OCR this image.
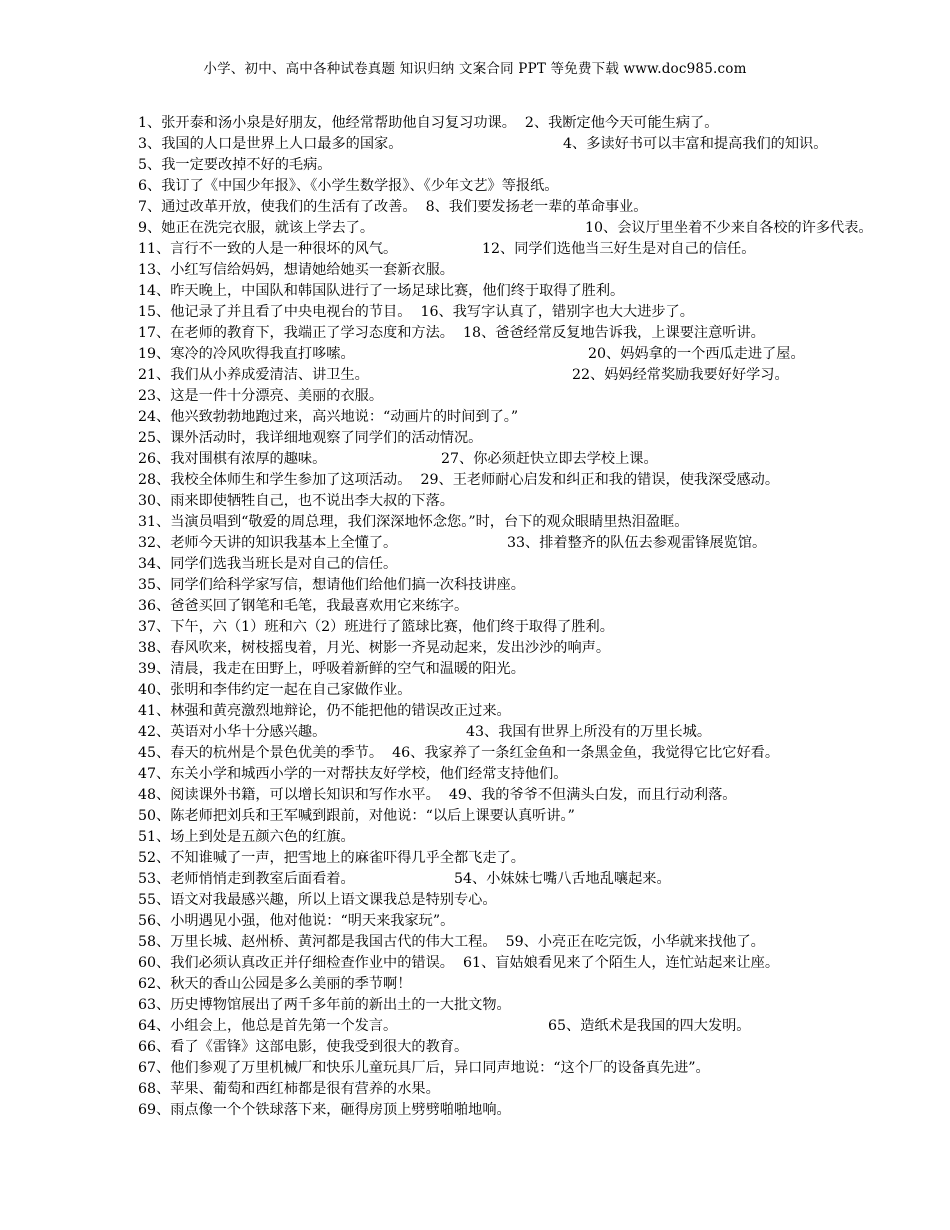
小学、初中、高中各种试卷真题 知识归纳 文案合同 PPT 等免费下载 www.doc985.com
1、张开泰和汤小泉是好朋友，他经常帮助他自习复习功课。  2、我断定他今天可能生病了。
3、我国的人口是世界上人口最多的国家。	4、多读好书可以丰富和提高我们的知识。
5、我一定要改掉不好的毛病。
6、我订了《中国少年报》、《小学生数学报》、《少年文艺》等报纸。
7、通过改革开放，使我们的生活有了改善。  8、我们要发扬老一辈的革命事业。
9、她正在洗完衣服，就该上学去了。	10、会议厅里坐着不少来自各校的许多代表。
11、言行不一致的人是一种很坏的风气。	12、同学们选他当三好生是对自己的信任。
13、小红写信给妈妈，想请她给她买一套新衣服。
14、昨天晚上，中国队和韩国队进行了一场足球比赛，他们终于取得了胜利。
15、他记录了并且看了中央电视台的节目。  16、我写字认真了，错别字也大大进步了。
17、在老师的教育下，我端正了学习态度和方法。  18、爸爸经常反复地告诉我，上课要注意听讲。
19、寒冷的冷风吹得我直打哆嗦。	20、妈妈拿的一个西瓜走进了屋。
21、我们从小养成爱清洁、讲卫生。	22、妈妈经常奖励我要好好学习。
23、这是一件十分漂亮、美丽的衣服。
24、他兴致勃勃地跑过来，高兴地说：“动画片的时间到了。”
25、课外活动时，我详细地观察了同学们的活动情况。
26、我对围棋有浓厚的趣味。	27、你必须赶快立即去学校上课。
28、我校全体师生和学生参加了这项活动。  29、王老师耐心启发和纠正和我的错误，使我深受感动。
30、雨来即使牺牲自己，也不说出李大叔的下落。
31、当演员唱到“敬爱的周总理，我们深深地怀念您。”时，台下的观众眼睛里热泪盈眶。
32、老师今天讲的知识我基本上全懂了。	33、排着整齐的队伍去参观雷锋展览馆。
34、同学们选我当班长是对自己的信任。
35、同学们给科学家写信，想请他们给他们搞一次科技讲座。
36、爸爸买回了钢笔和毛笔，我最喜欢用它来练字。
37、下午，六（1）班和六（2）班进行了篮球比赛，他们终于取得了胜利。
38、春风吹来，树枝摇曳着，月光、树影一齐晃动起来，发出沙沙的响声。
39、清晨，我走在田野上，呼吸着新鲜的空气和温暖的阳光。
40、张明和李伟约定一起在自己家做作业。
41、林强和黄亮激烈地辩论，仍不能把他的错误改正过来。
42、英语对小华十分感兴趣。	43、我国有世界上所没有的万里长城。
45、春天的杭州是个景色优美的季节。  46、我家养了一条红金鱼和一条黑金鱼，我觉得它比它好看。
47、东关小学和城西小学的一对帮扶友好学校，他们经常支持他们。
48、阅读课外书籍，可以增长知识和写作水平。  49、我的爷爷不但满头白发，而且行动利落。
50、陈老师把刘兵和王军喊到跟前，对他说：“以后上课要认真听讲。”
51、场上到处是五颜六色的红旗。
52、不知谁喊了一声，把雪地上的麻雀吓得几乎全都飞走了。
53、老师悄悄走到教室后面看着。	54、小妹妹七嘴八舌地乱嚷起来。
55、语文对我最感兴趣，所以上语文课我总是特别专心。
56、小明遇见小强，他对他说：“明天来我家玩”。
58、万里长城、赵州桥、黄河都是我国古代的伟大工程。  59、小亮正在吃完饭，小华就来找他了。
60、我们必须认真改正并仔细检查作业中的错误。  61、盲姑娘看见来了个陌生人，连忙站起来让座。
62、秋天的香山公园是多么美丽的季节啊！
63、历史博物馆展出了两千多年前的新出土的一大批文物。
64、小组会上，他总是首先第一个发言。	65、造纸术是我国的四大发明。
66、看了《雷锋》这部电影，使我受到很大的教育。
67、他们参观了万里机械厂和快乐儿童玩具厂后，异口同声地说：“这个厂的设备真先进”。
68、苹果、葡萄和西红柿都是很有营养的水果。
69、雨点像一个个铁球落下来，砸得房顶上劈劈啪啪地响。
